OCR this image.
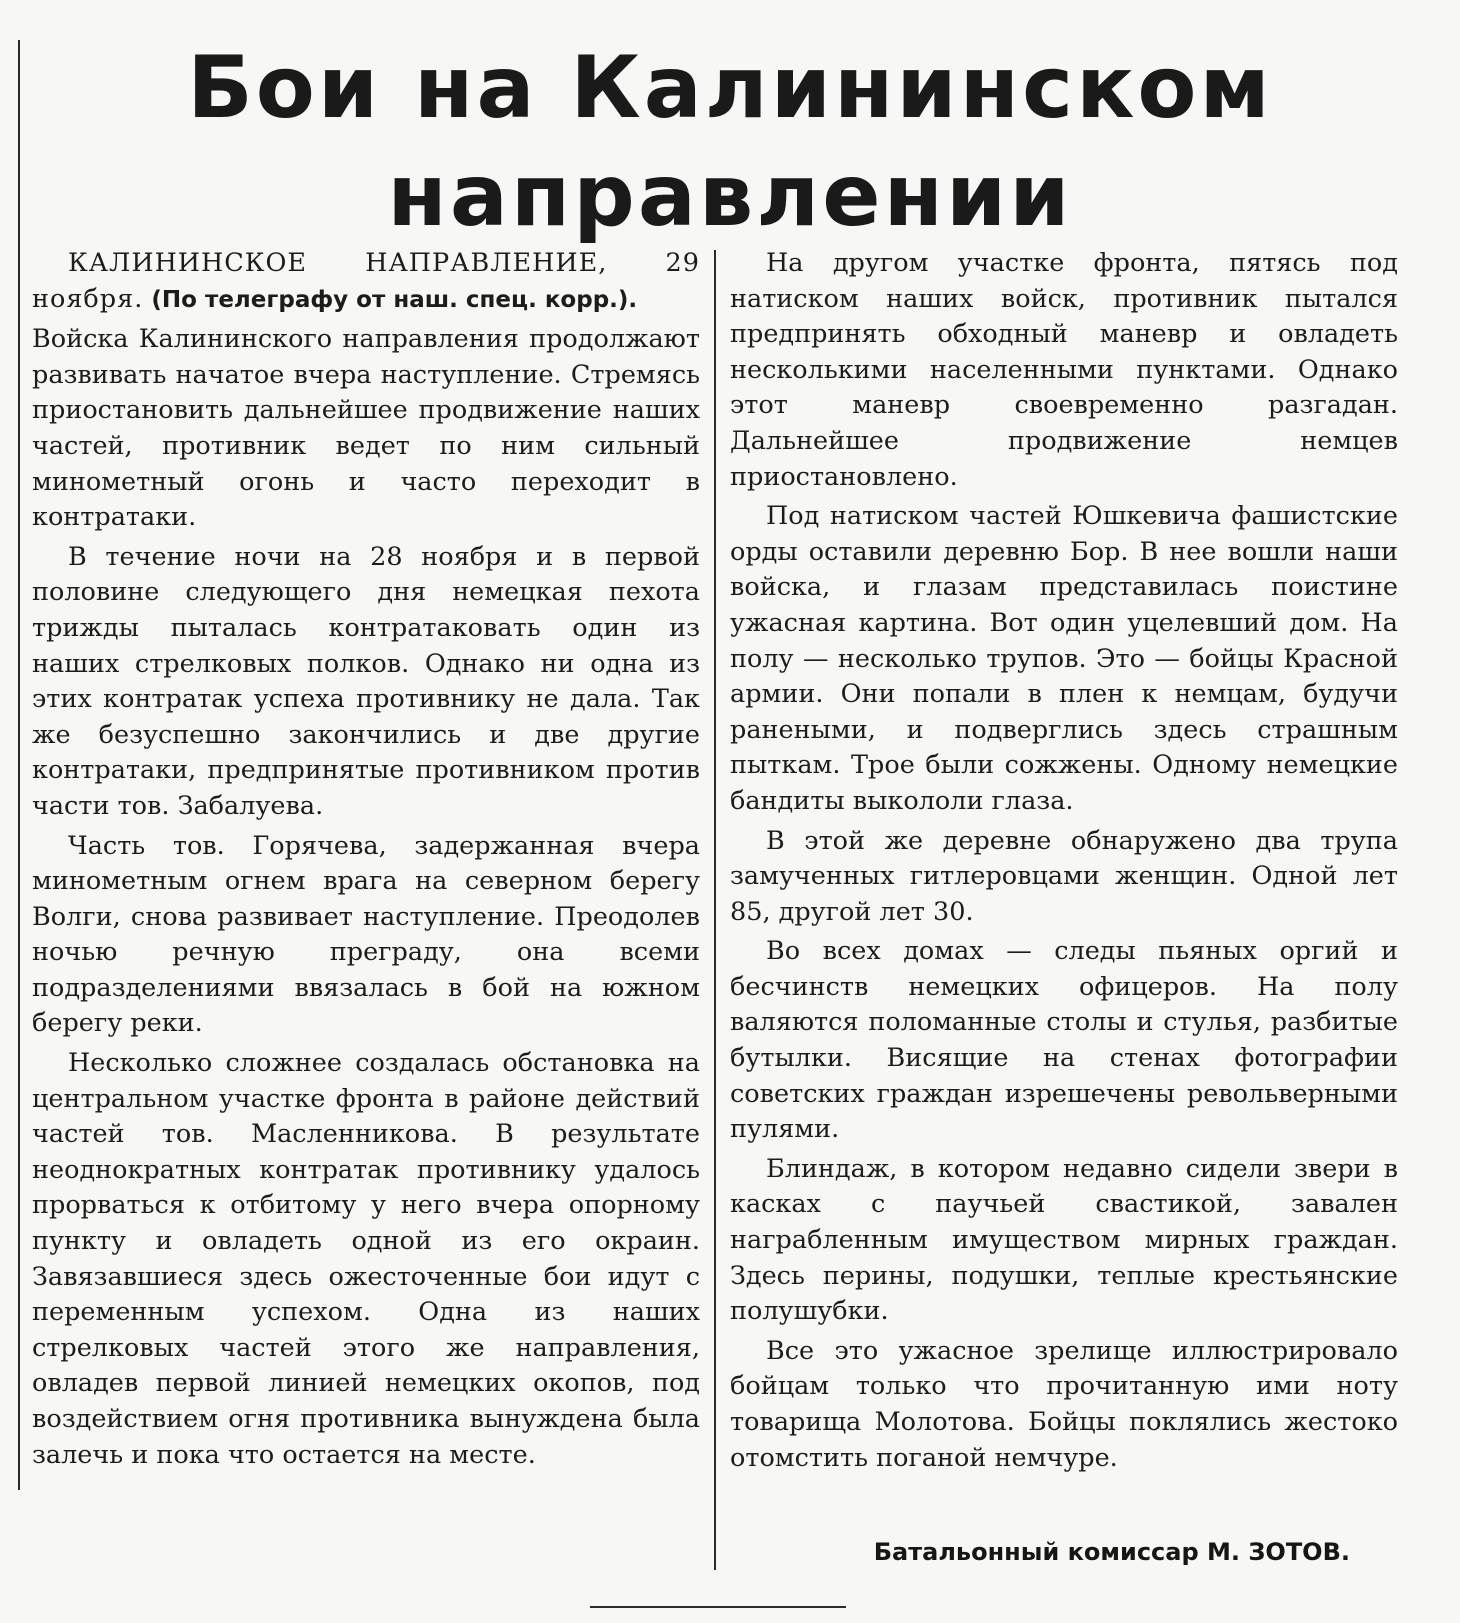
Бои на Калининском
направлении

КАЛИНИНСКОЕ НАПРАВЛЕНИЕ, 29 ноября. (По телеграфу от наш. спец. корр.).

Войска Калининского направления продолжают развивать начатое вчера наступление. Стремясь приостановить дальнейшее продвижение наших частей, противник ведет по ним сильный минометный огонь и часто переходит в контратаки.

В течение ночи на 28 ноября и в первой половине следующего дня немецкая пехота трижды пыталась контратаковать один из наших стрелковых полков. Однако ни одна из этих контратак успеха противнику не дала. Так же безуспешно закончились и две другие контратаки, предпринятые противником против части тов. Забалуева.

Часть тов. Горячева, задержанная вчера минометным огнем врага на северном берегу Волги, снова развивает наступление. Преодолев ночью речную преграду, она всеми подразделениями ввязалась в бой на южном берегу реки.

Несколько сложнее создалась обстановка на центральном участке фронта в районе действий частей тов. Масленникова. В результате неоднократных контратак противнику удалось прорваться к отбитому у него вчера опорному пункту и овладеть одной из его окраин. Завязавшиеся здесь ожесточенные бои идут с переменным успехом. Одна из наших стрелковых частей этого же направления, овладев первой линией немецких окопов, под воздействием огня противника вынуждена была залечь и пока что остается на месте.

На другом участке фронта, пятясь под натиском наших войск, противник пытался предпринять обходный маневр и овладеть несколькими населенными пунктами. Однако этот маневр своевременно разгадан. Дальнейшее продвижение немцев приостановлено.

Под натиском частей Юшкевича фашистские орды оставили деревню Бор. В нее вошли наши войска, и глазам представилась поистине ужасная картина. Вот один уцелевший дом. На полу — несколько трупов. Это — бойцы Красной армии. Они попали в плен к немцам, будучи ранеными, и подверглись здесь страшным пыткам. Трое были сожжены. Одному немецкие бандиты выкололи глаза.

В этой же деревне обнаружено два трупа замученных гитлеровцами женщин. Одной лет 85, другой лет 30.

Во всех домах — следы пьяных оргий и бесчинств немецких офицеров. На полу валяются поломанные столы и стулья, разбитые бутылки. Висящие на стенах фотографии советских граждан изрешечены револьверными пулями.

Блиндаж, в котором недавно сидели звери в касках с паучьей свастикой, завален награбленным имуществом мирных граждан. Здесь перины, подушки, теплые крестьянские полушубки.

Все это ужасное зрелище иллюстрировало бойцам только что прочитанную ими ноту товарища Молотова. Бойцы поклялись жестоко отомстить поганой немчуре.

Батальонный комиссар М. ЗОТОВ.
